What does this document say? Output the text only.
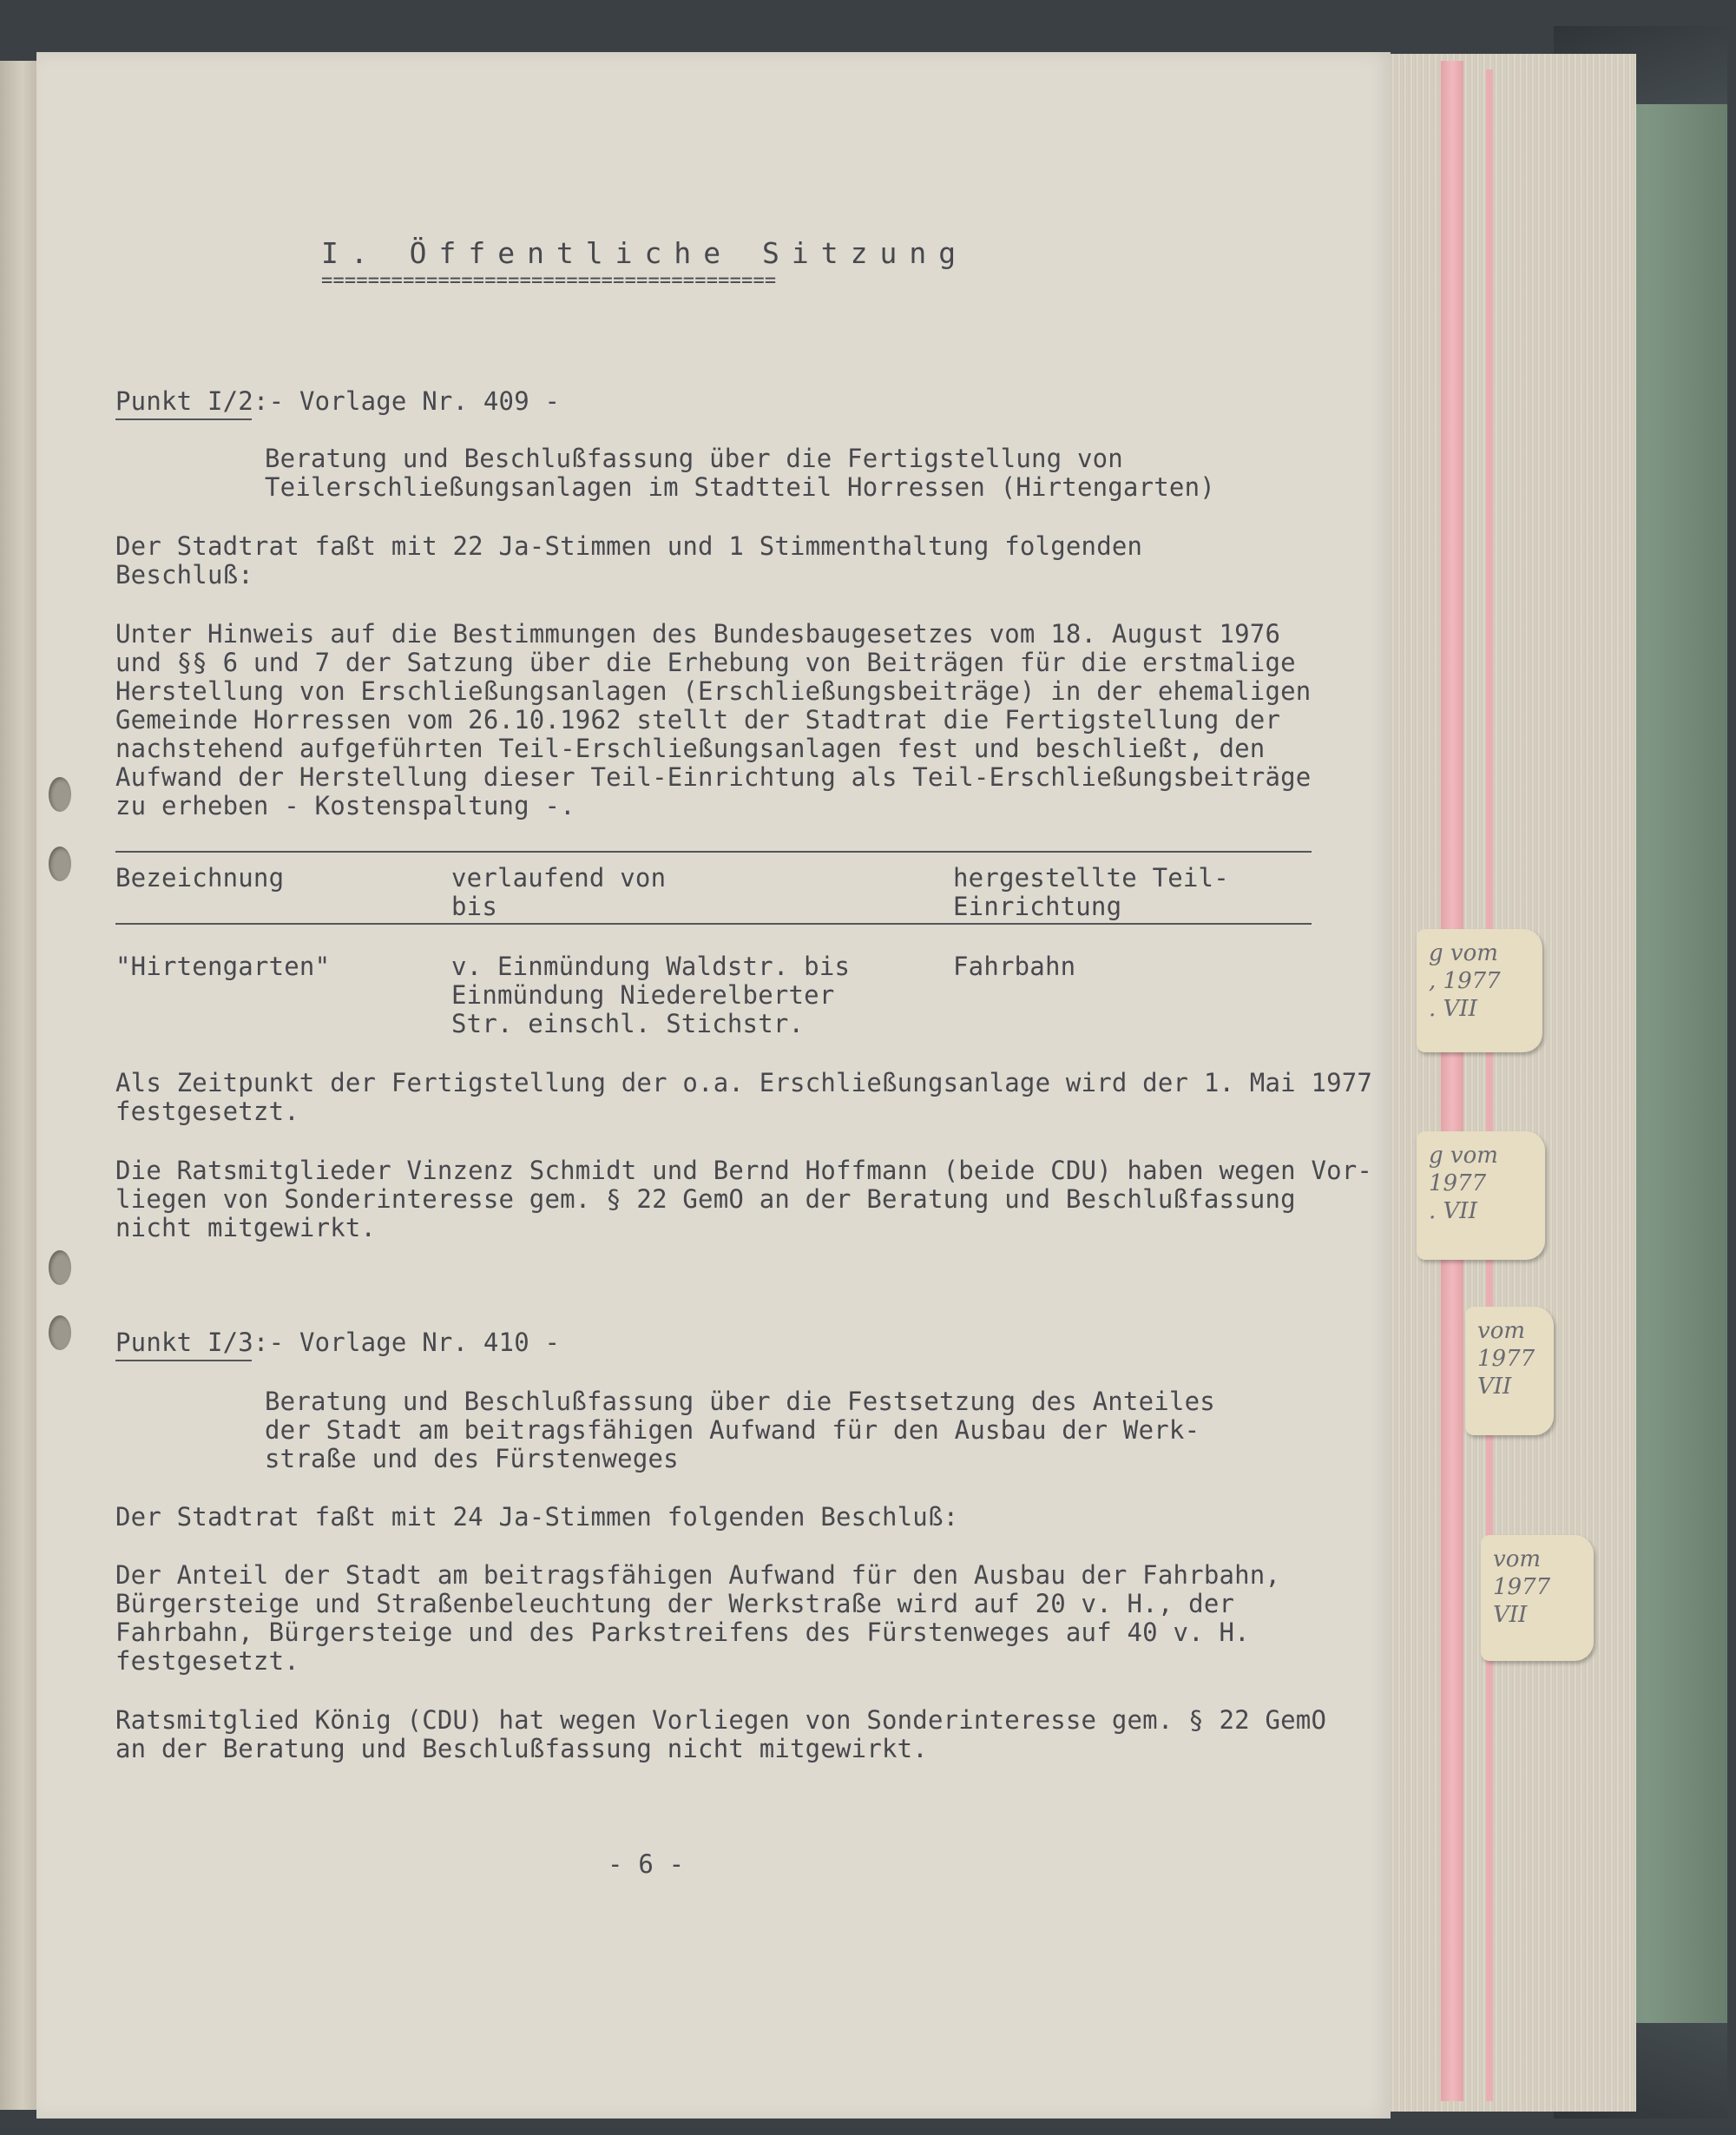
I. Öffentliche Sitzung
=======================================
Punkt I/2:
- Vorlage Nr. 409 -
Beratung und Beschlußfassung über die Fertigstellung von
Teilerschließungsanlagen im Stadtteil Horressen (Hirtengarten)
Der Stadtrat faßt mit 22 Ja-Stimmen und 1 Stimmenthaltung folgenden
Beschluß:
Unter Hinweis auf die Bestimmungen des Bundesbaugesetzes vom 18. August 1976
und §§ 6 und 7 der Satzung über die Erhebung von Beiträgen für die erstmalige
Herstellung von Erschließungsanlagen (Erschließungsbeiträge) in der ehemaligen
Gemeinde Horressen vom 26.10.1962 stellt der Stadtrat die Fertigstellung der
nachstehend aufgeführten Teil-Erschließungsanlagen fest und beschließt, den
Aufwand der Herstellung dieser Teil-Einrichtung als Teil-Erschließungsbeiträge
zu erheben - Kostenspaltung -.
Bezeichnung	verlaufend von
bis
hergestellte Teil-
Einrichtung
"Hirtengarten"	v. Einmündung Waldstr. bis
Einmündung Niederelberter
Str. einschl. Stichstr.
Fahrbahn
Als Zeitpunkt der Fertigstellung der o.a. Erschließungsanlage wird der 1. Mai 1977
festgesetzt.
Die Ratsmitglieder Vinzenz Schmidt und Bernd Hoffmann (beide CDU) haben wegen Vor-
liegen von Sonderinteresse gem. § 22 GemO an der Beratung und Beschlußfassung
nicht mitgewirkt.
Punkt I/3:
- Vorlage Nr. 410 -
Beratung und Beschlußfassung über die Festsetzung des Anteiles
der Stadt am beitragsfähigen Aufwand für den Ausbau der Werk-
straße und des Fürstenweges
Der Stadtrat faßt mit 24 Ja-Stimmen folgenden Beschluß:
Der Anteil der Stadt am beitragsfähigen Aufwand für den Ausbau der Fahrbahn,
Bürgersteige und Straßenbeleuchtung der Werkstraße wird auf 20 v. H., der
Fahrbahn, Bürgersteige und des Parkstreifens des Fürstenweges auf 40 v. H.
festgesetzt.
Ratsmitglied König (CDU) hat wegen Vorliegen von Sonderinteresse gem. § 22 GemO
an der Beratung und Beschlußfassung nicht mitgewirkt.
- 6 -
g vom
, 1977
. VII
g vom
1977
. VII
vom
1977
VII
vom
1977
VII
